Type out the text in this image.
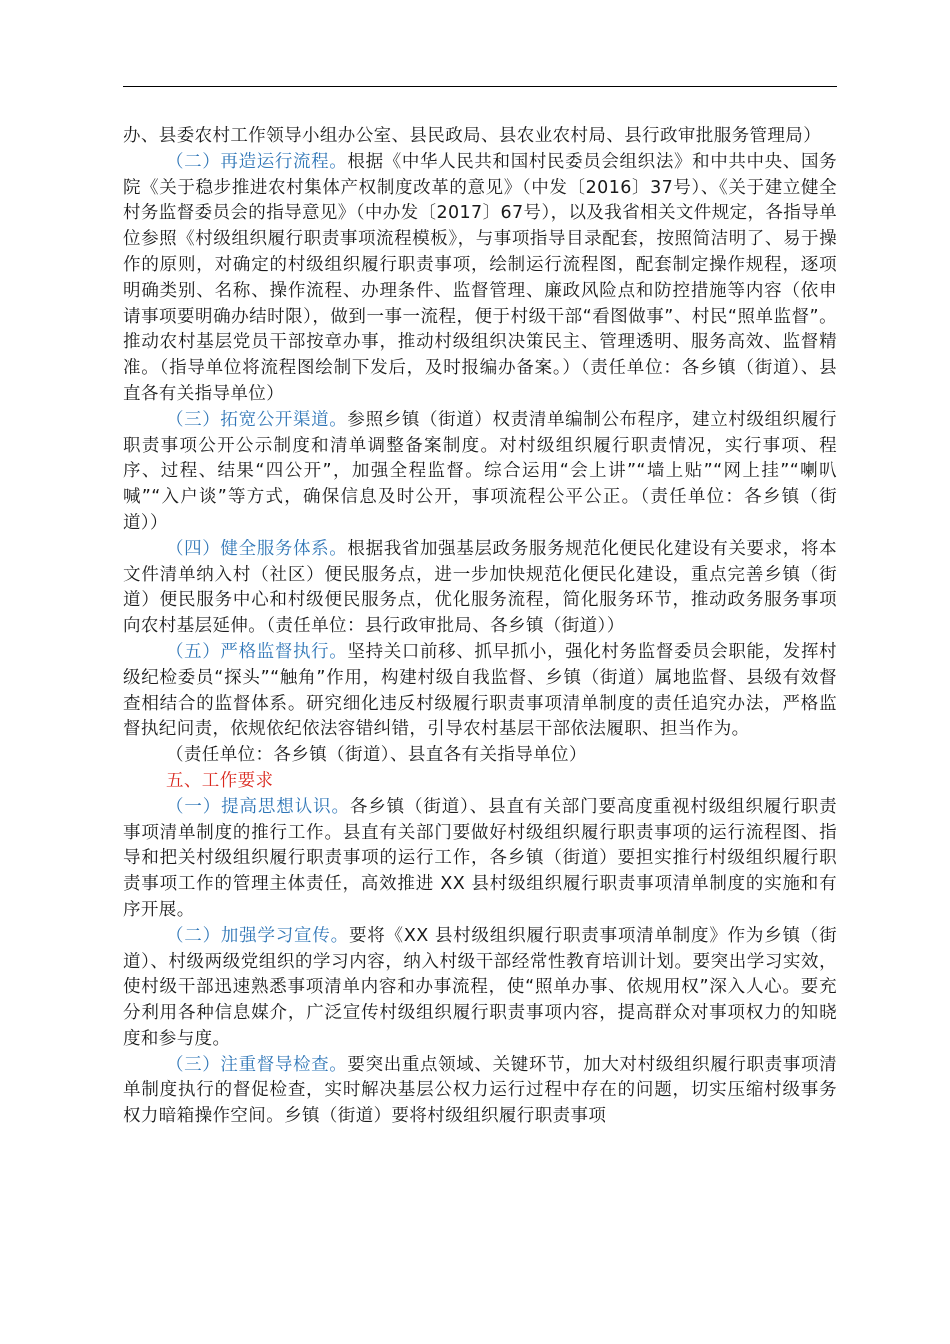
办、县委农村工作领导小组办公室、县民政局、县农业农村局、县行政审批服务管理局）

（二）再造运行流程。根据《中华人民共和国村民委员会组织法》和中共中央、国务院《关于稳步推进农村集体产权制度改革的意见》（中发〔2016〕37号）、《关于建立健全村务监督委员会的指导意见》（中办发〔2017〕67号），以及我省相关文件规定，各指导单位参照《村级组织履行职责事项流程模板》，与事项指导目录配套，按照简洁明了、易于操作的原则，对确定的村级组织履行职责事项，绘制运行流程图，配套制定操作规程，逐项明确类别、名称、操作流程、办理条件、监督管理、廉政风险点和防控措施等内容（依申请事项要明确办结时限），做到一事一流程，便于村级干部“看图做事”、村民“照单监督”。推动农村基层党员干部按章办事，推动村级组织决策民主、管理透明、服务高效、监督精准。（指导单位将流程图绘制下发后，及时报编办备案。）（责任单位：各乡镇（街道）、县直各有关指导单位）

（三）拓宽公开渠道。参照乡镇（街道）权责清单编制公布程序，建立村级组织履行职责事项公开公示制度和清单调整备案制度。对村级组织履行职责情况，实行事项、程序、过程、结果“四公开”，加强全程监督。综合运用“会上讲”“墙上贴”“网上挂”“喇叭喊”“入户谈”等方式，确保信息及时公开，事项流程公平公正。（责任单位：各乡镇（街道））

（四）健全服务体系。根据我省加强基层政务服务规范化便民化建设有关要求，将本文件清单纳入村（社区）便民服务点，进一步加快规范化便民化建设，重点完善乡镇（街道）便民服务中心和村级便民服务点，优化服务流程，简化服务环节，推动政务服务事项向农村基层延伸。（责任单位：县行政审批局、各乡镇（街道））

（五）严格监督执行。坚持关口前移、抓早抓小，强化村务监督委员会职能，发挥村级纪检委员“探头”“触角”作用，构建村级自我监督、乡镇（街道）属地监督、县级有效督查相结合的监督体系。研究细化违反村级履行职责事项清单制度的责任追究办法，严格监督执纪问责，依规依纪依法容错纠错，引导农村基层干部依法履职、担当作为。

（责任单位：各乡镇（街道）、县直各有关指导单位）

五、工作要求

（一）提高思想认识。各乡镇（街道）、县直有关部门要高度重视村级组织履行职责事项清单制度的推行工作。县直有关部门要做好村级组织履行职责事项的运行流程图、指导和把关村级组织履行职责事项的运行工作，各乡镇（街道）要担实推行村级组织履行职责事项工作的管理主体责任，高效推进 XX 县村级组织履行职责事项清单制度的实施和有序开展。

（二）加强学习宣传。要将《XX 县村级组织履行职责事项清单制度》作为乡镇（街道）、村级两级党组织的学习内容，纳入村级干部经常性教育培训计划。要突出学习实效，使村级干部迅速熟悉事项清单内容和办事流程，使“照单办事、依规用权”深入人心。要充分利用各种信息媒介，广泛宣传村级组织履行职责事项内容，提高群众对事项权力的知晓度和参与度。

（三）注重督导检查。要突出重点领域、关键环节，加大对村级组织履行职责事项清单制度执行的督促检查，实时解决基层公权力运行过程中存在的问题，切实压缩村级事务权力暗箱操作空间。乡镇（街道）要将村级组织履行职责事项
